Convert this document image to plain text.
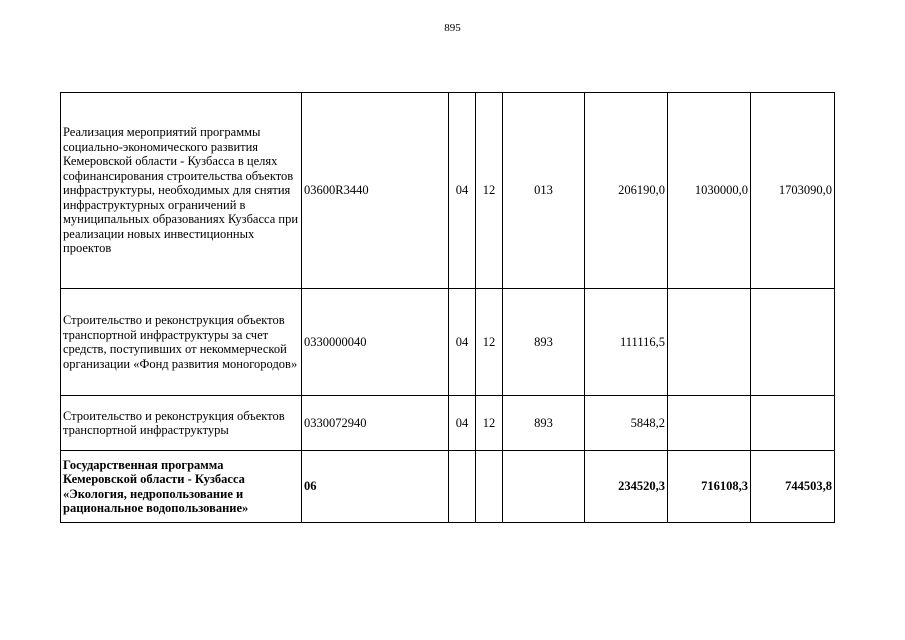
895
Реализация мероприятий программы социально-экономического развития Кемеровской области - Кузбасса в целях софинансирования строительства объектов инфраструктуры, необходимых для снятия инфраструктурных ограничений в муниципальных образованиях Кузбасса при реализации новых инвестиционных проектов	03600R3440	04	12	013	206190,0	1030000,0	1703090,0
Строительство и реконструкция объектов транспортной инфраструктуры за счет средств, поступивших от некоммерческой организации «Фонд развития моногородов»	0330000040	04	12	893	111116,5		
Строительство и реконструкция объектов транспортной инфраструктуры	0330072940	04	12	893	5848,2		
Государственная программа Кемеровской области - Кузбасса «Экология, недропользование и рациональное водопользование»	06				234520,3	716108,3	744503,8
